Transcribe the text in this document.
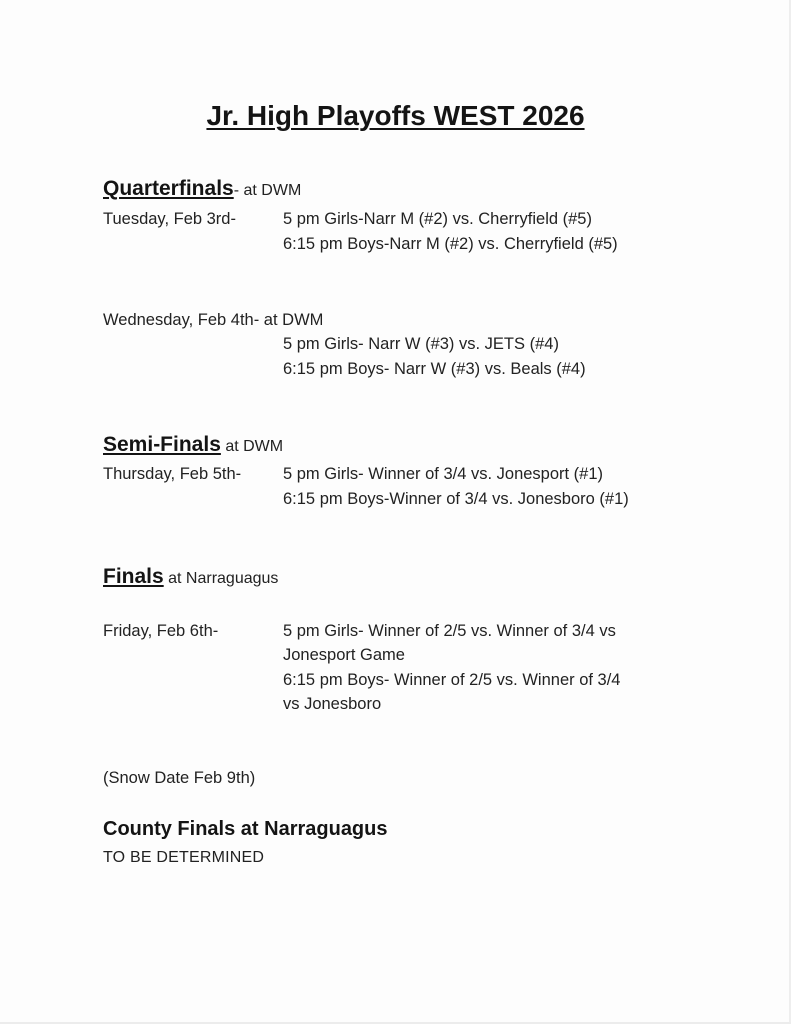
Jr. High Playoffs WEST 2026
Quarterfinals- at DWM
Tuesday, Feb 3rd-	5 pm Girls-Narr M (#2) vs. Cherryfield (#5)
6:15 pm Boys-Narr M (#2) vs. Cherryfield (#5)
Wednesday, Feb 4th- at DWM
5 pm Girls- Narr W (#3) vs. JETS (#4)
6:15 pm Boys- Narr W (#3) vs. Beals (#4)
Semi-Finals at DWM
Thursday, Feb 5th-	5 pm Girls- Winner of 3/4 vs. Jonesport (#1)
6:15 pm Boys-Winner of 3/4 vs. Jonesboro (#1)
Finals at Narraguagus
Friday, Feb 6th-	5 pm Girls- Winner of 2/5 vs. Winner of 3/4 vs
Jonesport Game
6:15 pm Boys- Winner of 2/5 vs. Winner of 3/4
vs Jonesboro
(Snow Date Feb 9th)
County Finals at Narraguagus
TO BE DETERMINED
